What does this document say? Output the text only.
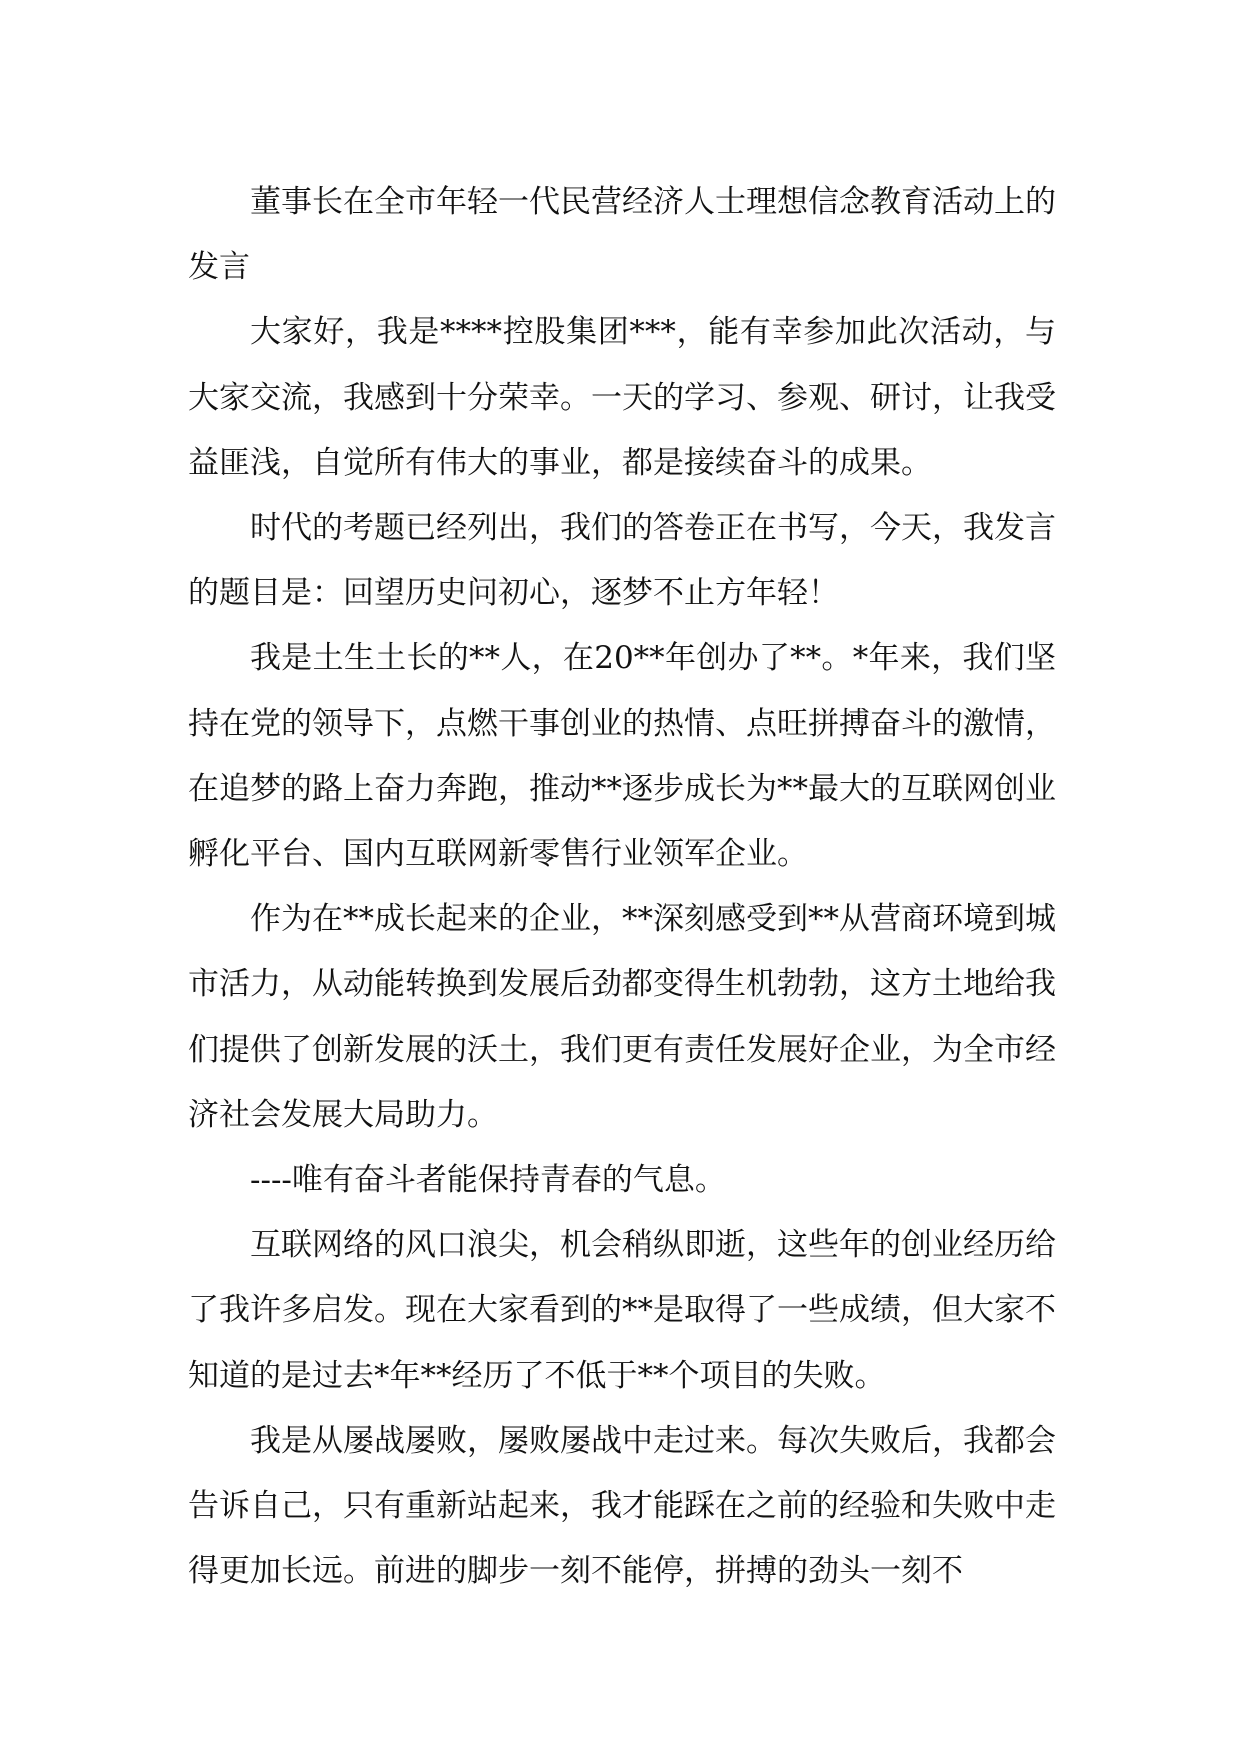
董事长在全市年轻一代民营经济人士理想信念教育活动上的发言

大家好，我是****控股集团***，能有幸参加此次活动，与大家交流，我感到十分荣幸。一天的学习、参观、研讨，让我受益匪浅，自觉所有伟大的事业，都是接续奋斗的成果。

时代的考题已经列出，我们的答卷正在书写，今天，我发言的题目是：回望历史问初心，逐梦不止方年轻！

我是土生土长的**人，在20**年创办了**。*年来，我们坚持在党的领导下，点燃干事创业的热情、点旺拼搏奋斗的激情，在追梦的路上奋力奔跑，推动**逐步成长为**最大的互联网创业孵化平台、国内互联网新零售行业领军企业。

作为在**成长起来的企业，**深刻感受到**从营商环境到城市活力，从动能转换到发展后劲都变得生机勃勃，这方土地给我们提供了创新发展的沃土，我们更有责任发展好企业，为全市经济社会发展大局助力。

----唯有奋斗者能保持青春的气息。

互联网络的风口浪尖，机会稍纵即逝，这些年的创业经历给了我许多启发。现在大家看到的**是取得了一些成绩，但大家不知道的是过去*年**经历了不低于**个项目的失败。

我是从屡战屡败，屡败屡战中走过来。每次失败后，我都会告诉自己，只有重新站起来，我才能踩在之前的经验和失败中走得更加长远。前进的脚步一刻不能停，拼搏的劲头一刻不
